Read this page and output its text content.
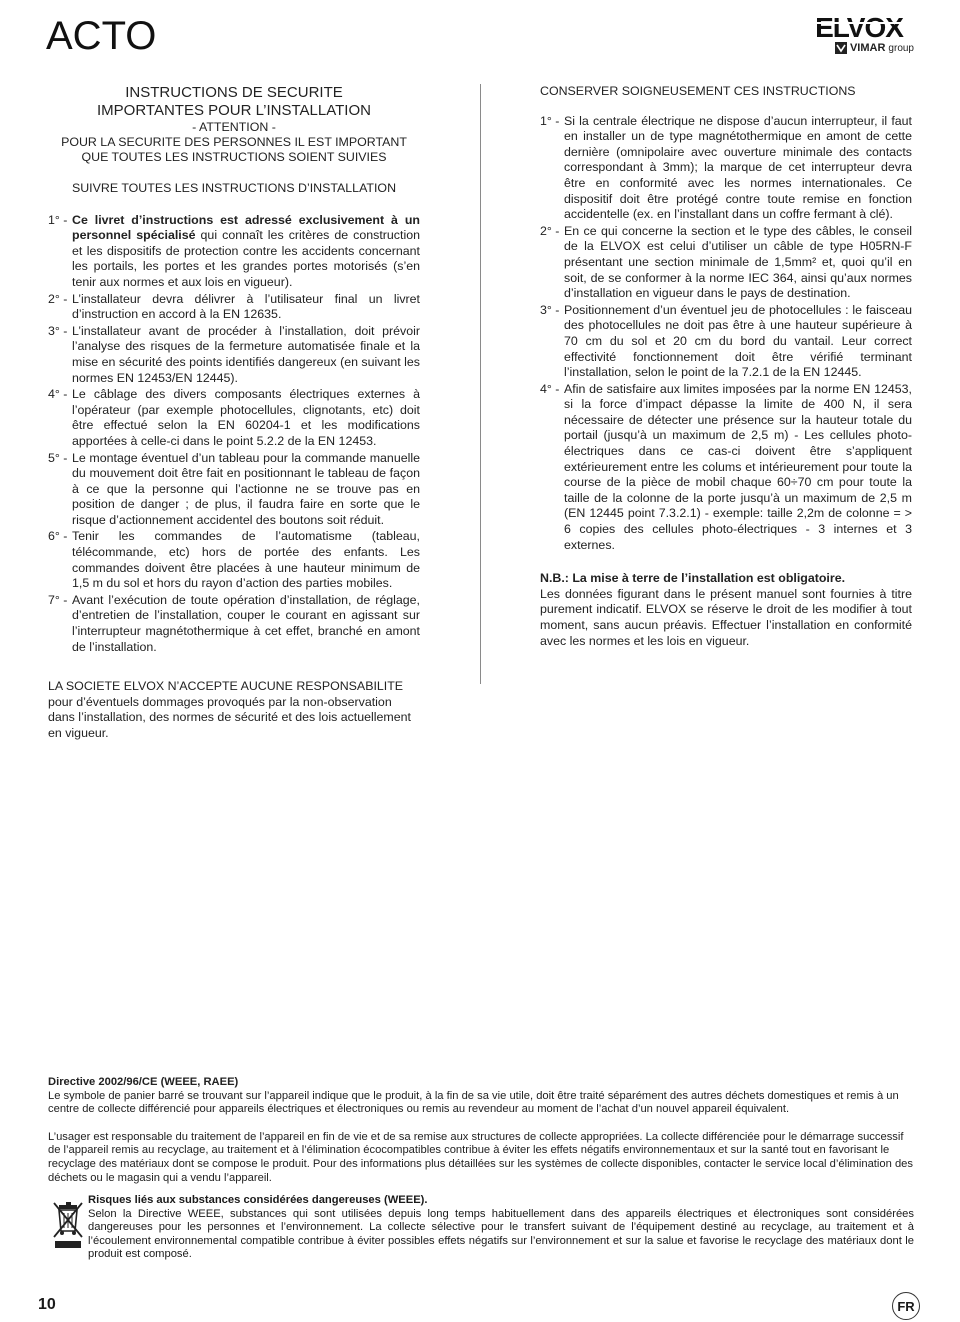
ACTO	ELVOX
VIMAR group
INSTRUCTIONS DE SECURITE
IMPORTANTES POUR L’INSTALLATION
- ATTENTION -
POUR LA SECURITE DES PERSONNES IL EST IMPORTANT
QUE TOUTES LES INSTRUCTIONS SOIENT SUIVIES
SUIVRE TOUTES LES INSTRUCTIONS D’INSTALLATION
1° - Ce livret d’instructions est adressé exclusivement à un personnel spécialisé qui connaît les critères de construction et les dispositifs de protection contre les accidents concernant les portails, les portes et les grandes portes motorisés (s’en tenir aux normes et aux lois en vigueur).
2° - L’installateur devra délivrer à l’utilisateur final un livret d’instruction en accord à la EN 12635.
3° - L’installateur avant de procéder à l’installation, doit prévoir l’analyse des risques de la fermeture automatisée finale et la mise en sécurité des points identifiés dangereux (en suivant les normes EN 12453/EN 12445).
4° - Le câblage des divers composants électriques externes à l’opérateur (par exemple photocellules, clignotants, etc) doit être effectué selon la EN 60204-1 et les modifications apportées à celle-ci dans le point 5.2.2 de la EN 12453.
5° - Le montage éventuel d’un tableau pour la commande manuelle du mouvement doit être fait en positionnant le tableau de façon à ce que la personne qui l’actionne ne se trouve pas en position de danger ; de plus, il faudra faire en sorte que le risque d’actionnement accidentel des boutons soit réduit.
6° - Tenir les commandes de l’automatisme (tableau, télécommande, etc) hors de portée des enfants. Les commandes doivent être placées à une hauteur minimum de 1,5 m du sol et hors du rayon d’action des parties mobiles.
7° - Avant l’exécution de toute opération d’installation, de réglage, d’entretien de l’installation, couper le courant en agissant sur l’interrupteur magnétothermique à cet effet, branché en amont de l’installation.
LA SOCIETE ELVOX N’ACCEPTE AUCUNE RESPONSABILITE pour d’éventuels dommages provoqués par la non-observation dans l’installation, des normes de sécurité et des lois actuellement en vigueur.
CONSERVER SOIGNEUSEMENT CES INSTRUCTIONS
1° - Si la centrale électrique ne dispose d’aucun interrupteur, il faut en installer un de type magnétothermique en amont de cette dernière (omnipolaire avec ouverture minimale des contacts correspondant à 3mm); la marque de cet interrupteur devra être en conformité avec les normes internationales. Ce dispositif doit être protégé contre toute remise en fonction accidentelle (ex. en l’installant dans un coffre fermant à clé).
2° - En ce qui concerne la section et le type des câbles, le conseil de la ELVOX est celui d’utiliser un câble de type H05RN-F présentant une section minimale de 1,5mm² et, quoi qu’il en soit, de se conformer à la norme IEC 364, ainsi qu’aux normes d’installation en vigueur dans le pays de destination.
3° - Positionnement d’un éventuel jeu de photocellules : le faisceau des photocellules ne doit pas être à une hauteur supérieure à 70 cm du sol et 20 cm du bord du vantail. Leur correct effectivité fonctionnement doit être vérifié terminant l’installation, selon le point de la 7.2.1 de la EN 12445.
4° - Afin de satisfaire aux limites imposées par la norme EN 12453, si la force d’impact dépasse la limite de 400 N, il sera nécessaire de détecter une présence sur la hauteur totale du portail (jusqu’à un maximum de 2,5 m) - Les cellules photo-électriques dans ce cas-ci doivent être s’appliquent extérieurement entre les colums et intérieurement pour toute la course de la pièce de mobil chaque 60÷70 cm pour toute la taille de la colonne de la porte jusqu’à un maximum de 2,5 m (EN 12445 point 7.3.2.1) - exemple: taille 2,2m de colonne = > 6 copies des cellules photo-électriques - 3 internes et 3 externes.
N.B.: La mise à terre de l’installation est obligatoire.
Les données figurant dans le présent manuel sont fournies à titre purement indicatif. ELVOX se réserve le droit de les modifier à tout moment, sans aucun préavis. Effectuer l’installation en conformité avec les normes et les lois en vigueur.

Directive 2002/96/CE (WEEE, RAEE)

Le symbole de panier barré se trouvant sur l’appareil indique que le produit, à la fin de sa vie utile, doit être traité séparément des autres déchets domestiques et remis à un centre de collecte différencié pour appareils électriques et électroniques ou remis au revendeur au moment de l’achat d’un nouvel appareil équivalent.

L’usager est responsable du traitement de l’appareil en fin de vie et de sa remise aux structures de collecte appropriées. La collecte différenciée pour le démarrage successif de l’appareil remis au recyclage, au traitement et à l’élimination écocompatibles contribue à éviter les effets négatifs environnementaux et sur la santé tout en favorisant le recyclage des matériaux dont se compose le produit. Pour des informations plus détaillées sur les systèmes de collecte disponibles, contacter le service local d’élimination des déchets ou le magasin qui a vendu l’appareil.

Risques liés aux substances considérées dangereuses (WEEE).
Selon la Directive WEEE, substances qui sont utilisées depuis long temps habituellement dans des appareils électriques et électroniques sont considérées dangereuses pour les personnes et l’environnement. La collecte sélective pour le transfert suivant de l’équipement destiné au recyclage, au traitement et à l’écoulement environnemental compatible contribue à éviter possibles effets négatifs sur l’environnement et sur la salue et favorise le recyclage des matériaux dont le produit est composé.
10	FR
